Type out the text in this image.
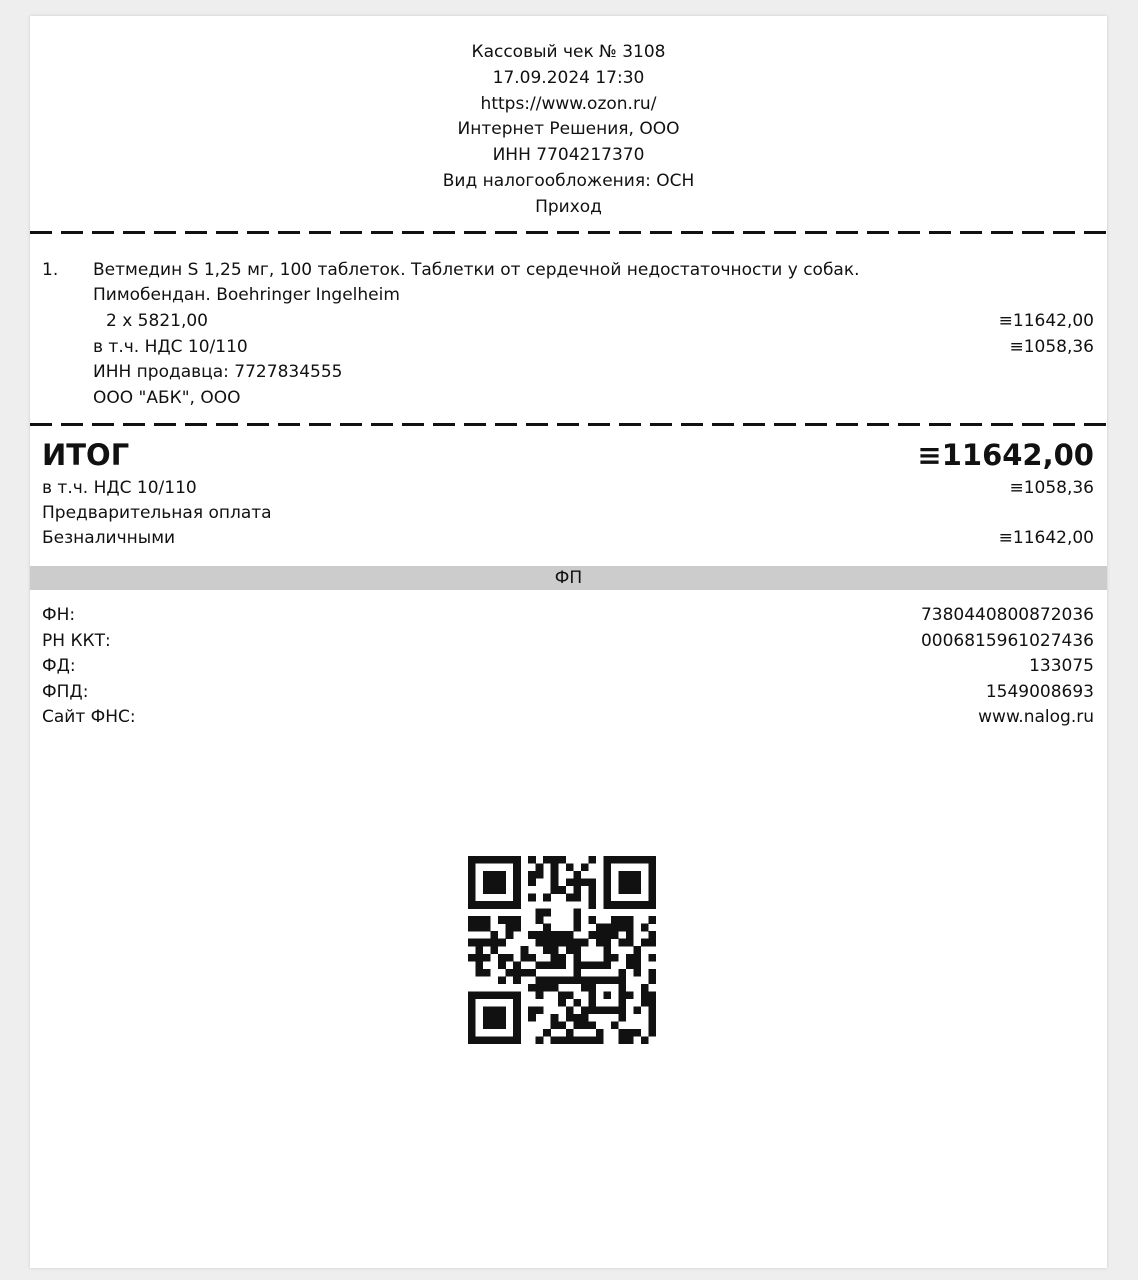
Кассовый чек № 3108
17.09.2024 17:30
https://www.ozon.ru/
Интернет Решения, ООО
ИНН 7704217370
Вид налогообложения: ОСН
Приход
1. Ветмедин S 1,25 мг, 100 таблеток. Таблетки от сердечной недостаточности у собак.
Пимобендан. Boehringer Ingelheim
2 x 5821,00	≡11642,00
в т.ч. НДС 10/110	≡1058,36
ИНН продавца: 7727834555
ООО "АБК", ООО
ИТОГ	≡11642,00
в т.ч. НДС 10/110	≡1058,36
Предварительная оплата
Безналичными	≡11642,00
ФП
ФН:	7380440800872036
РН ККТ:	0006815961027436
ФД:	133075
ФПД:	1549008693
Сайт ФНС:	www.nalog.ru
